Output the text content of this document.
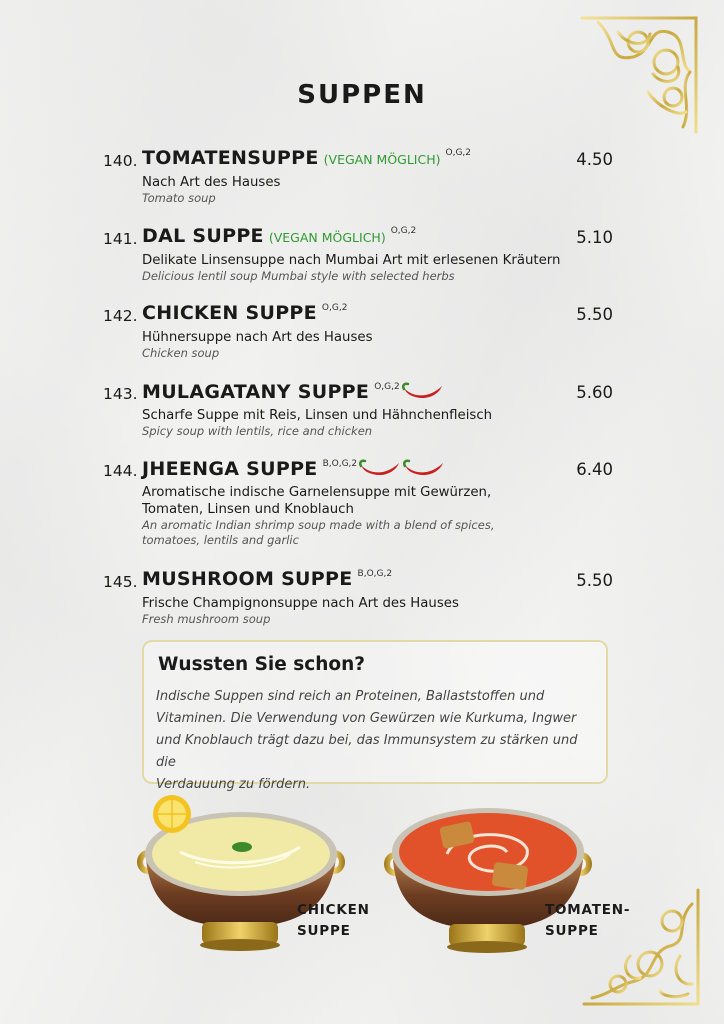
SUPPEN
140. TOMATENSUPPE (VEGAN MÖGLICH) $^{O,G,2}$	4.50
Nach Art des Hauses
Tomato soup
141. DAL SUPPE (VEGAN MÖGLICH) $^{O,G,2}$	5.10
Delikate Linsensuppe nach Mumbai Art mit erlesenen Kräutern
Delicious lentil soup Mumbai style with selected herbs
142. CHICKEN SUPPE $^{O,G,2}$	5.50
Hühnersuppe nach Art des Hauses
Chicken soup
143. MULAGATANY SUPPE $^{O,G,2}$	5.60
Scharfe Suppe mit Reis, Linsen und Hähnchenfleisch
Spicy soup with lentils, rice and chicken
144. JHEENGA SUPPE $^{B,O,G,2}$	6.40
Aromatische indische Garnelensuppe mit Gewürzen,
Tomaten, Linsen und Knoblauch
An aromatic Indian shrimp soup made with a blend of spices,
tomatoes, lentils and garlic
145. MUSHROOM SUPPE $^{B,O,G,2}$	5.50
Frische Champignonsuppe nach Art des Hauses
Fresh mushroom soup
Wussten Sie schon?
Indische Suppen sind reich an Proteinen, Ballaststoffen und
Vitaminen. Die Verwendung von Gewürzen wie Kurkuma, Ingwer
und Knoblauch trägt dazu bei, das Immunsystem zu stärken und die
Verdauuung zu fördern.
CHICKEN
SUPPE
TOMATEN-
SUPPE
